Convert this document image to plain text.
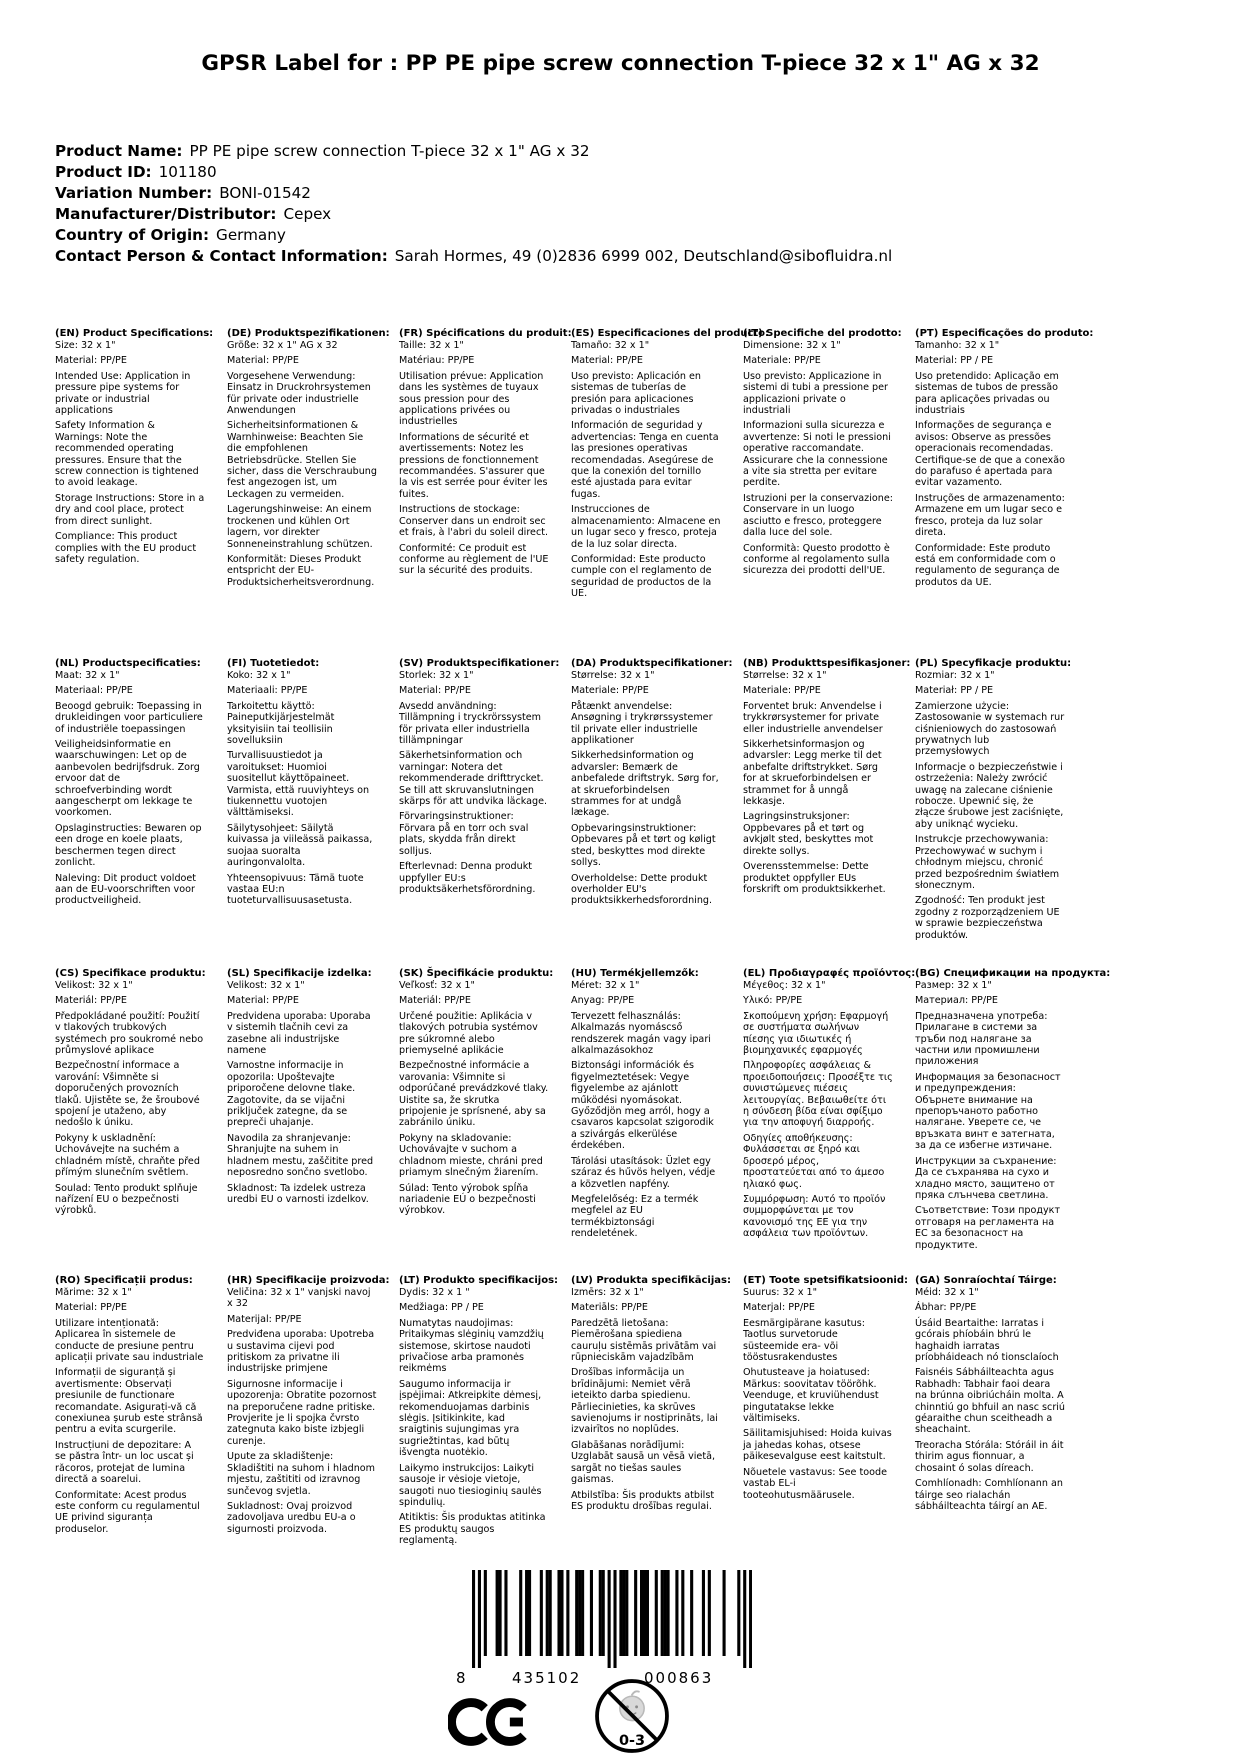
GPSR Label for : PP PE pipe screw connection T-piece 32 x 1" AG x 32
Product Name: PP PE pipe screw connection T-piece 32 x 1" AG x 32
Product ID: 101180
Variation Number: BONI-01542
Manufacturer/Distributor: Cepex
Country of Origin: Germany
Contact Person & Contact Information: Sarah Hormes, 49 (0)2836 6999 002, Deutschland@sibofluidra.nl
(EN) Product Specifications:

Size: 32 x 1"

Material: PP/PE

Intended Use: Application in pressure pipe systems for private or industrial applications

Safety Information & Warnings: Note the recommended operating pressures. Ensure that the screw connection is tightened to avoid leakage.

Storage Instructions: Store in a dry and cool place, protect from direct sunlight.

Compliance: This product complies with the EU product safety regulation.

(DE) Produktspezifikationen:

Größe: 32 x 1" AG x 32

Material: PP/PE

Vorgesehene Verwendung: Einsatz in Druckrohrsystemen für private oder industrielle Anwendungen

Sicherheitsinformationen & Warnhinweise: Beachten Sie die empfohlenen Betriebsdrücke. Stellen Sie sicher, dass die Verschraubung fest angezogen ist, um Leckagen zu vermeiden.

Lagerungshinweise: An einem trockenen und kühlen Ort lagern, vor direkter Sonneneinstrahlung schützen.

Konformität: Dieses Produkt entspricht der EU-Produktsicherheitsverordnung.

(FR) Spécifications du produit:

Taille: 32 x 1"

Matériau: PP/PE

Utilisation prévue: Application dans les systèmes de tuyaux sous pression pour des applications privées ou industrielles

Informations de sécurité et avertissements: Notez les pressions de fonctionnement recommandées. S'assurer que la vis est serrée pour éviter les fuites.

Instructions de stockage: Conserver dans un endroit sec et frais, à l'abri du soleil direct.

Conformité: Ce produit est conforme au règlement de l'UE sur la sécurité des produits.

(ES) Especificaciones del producto:

Tamaño: 32 x 1"

Material: PP/PE

Uso previsto: Aplicación en sistemas de tuberías de presión para aplicaciones privadas o industriales

Información de seguridad y advertencias: Tenga en cuenta las presiones operativas recomendadas. Asegúrese de que la conexión del tornillo esté ajustada para evitar fugas.

Instrucciones de almacenamiento: Almacene en un lugar seco y fresco, proteja de la luz solar directa.

Conformidad: Este producto cumple con el reglamento de seguridad de productos de la UE.

(IT) Specifiche del prodotto:

Dimensione: 32 x 1"

Materiale: PP/PE

Uso previsto: Applicazione in sistemi di tubi a pressione per applicazioni private o industriali

Informazioni sulla sicurezza e avvertenze: Si noti le pressioni operative raccomandate. Assicurare che la connessione a vite sia stretta per evitare perdite.

Istruzioni per la conservazione: Conservare in un luogo asciutto e fresco, proteggere dalla luce del sole.

Conformità: Questo prodotto è conforme al regolamento sulla sicurezza dei prodotti dell'UE.

(PT) Especificações do produto:

Tamanho: 32 x 1"

Material: PP / PE

Uso pretendido: Aplicação em sistemas de tubos de pressão para aplicações privadas ou industriais

Informações de segurança e avisos: Observe as pressões operacionais recomendadas. Certifique-se de que a conexão do parafuso é apertada para evitar vazamento.

Instruções de armazenamento: Armazene em um lugar seco e fresco, proteja da luz solar direta.

Conformidade: Este produto está em conformidade com o regulamento de segurança de produtos da UE.

(NL) Productspecificaties:

Maat: 32 x 1"

Materiaal: PP/PE

Beoogd gebruik: Toepassing in drukleidingen voor particuliere of industriële toepassingen

Veiligheidsinformatie en waarschuwingen: Let op de aanbevolen bedrijfsdruk. Zorg ervoor dat de schroefverbinding wordt aangescherpt om lekkage te voorkomen.

Opslaginstructies: Bewaren op een droge en koele plaats, beschermen tegen direct zonlicht.

Naleving: Dit product voldoet aan de EU-voorschriften voor productveiligheid.

(FI) Tuotetiedot:

Koko: 32 x 1"

Materiaali: PP/PE

Tarkoitettu käyttö: Paineputkijärjestelmät yksityisiin tai teollisiin sovelluksiin

Turvallisuustiedot ja varoitukset: Huomioi suositellut käyttöpaineet. Varmista, että ruuviyhteys on tiukennettu vuotojen välttämiseksi.

Säilytysohjeet: Säilytä kuivassa ja viileässä paikassa, suojaa suoralta auringonvalolta.

Yhteensopivuus: Tämä tuote vastaa EU:n tuoteturvallisuusasetusta.

(SV) Produktspecifikationer:

Storlek: 32 x 1"

Material: PP/PE

Avsedd användning: Tillämpning i tryckrörssystem för privata eller industriella tillämpningar

Säkerhetsinformation och varningar: Notera det rekommenderade drifttrycket. Se till att skruvanslutningen skärps för att undvika läckage.

Förvaringsinstruktioner: Förvara på en torr och sval plats, skydda från direkt solljus.

Efterlevnad: Denna produkt uppfyller EU:s produktsäkerhetsförordning.

(DA) Produktspecifikationer:

Størrelse: 32 x 1"

Materiale: PP/PE

Påtænkt anvendelse: Ansøgning i trykrørssystemer til private eller industrielle applikationer

Sikkerhedsinformation og advarsler: Bemærk de anbefalede driftstryk. Sørg for, at skrueforbindelsen strammes for at undgå lækage.

Opbevaringsinstruktioner: Opbevares på et tørt og køligt sted, beskyttes mod direkte sollys.

Overholdelse: Dette produkt overholder EU's produktsikkerhedsforordning.

(NB) Produkttspesifikasjoner:

Størrelse: 32 x 1"

Materiale: PP/PE

Forventet bruk: Anvendelse i trykkrørsystemer for private eller industrielle anvendelser

Sikkerhetsinformasjon og advarsler: Legg merke til det anbefalte driftstrykket. Sørg for at skrueforbindelsen er strammet for å unngå lekkasje.

Lagringsinstruksjoner: Oppbevares på et tørt og avkjølt sted, beskyttes mot direkte sollys.

Overensstemmelse: Dette produktet oppfyller EUs forskrift om produktsikkerhet.

(PL) Specyfikacje produktu:

Rozmiar: 32 x 1"

Materiał: PP / PE

Zamierzone użycie: Zastosowanie w systemach rur ciśnieniowych do zastosowań prywatnych lub przemysłowych

Informacje o bezpieczeństwie i ostrzeżenia: Należy zwrócić uwagę na zalecane ciśnienie robocze. Upewnić się, że złącze śrubowe jest zaciśnięte, aby uniknąć wycieku.

Instrukcje przechowywania: Przechowywać w suchym i chłodnym miejscu, chronić przed bezpośrednim światłem słonecznym.

Zgodność: Ten produkt jest zgodny z rozporządzeniem UE w sprawie bezpieczeństwa produktów.

(CS) Specifikace produktu:

Velikost: 32 x 1"

Materiál: PP/PE

Předpokládané použití: Použití v tlakových trubkových systémech pro soukromé nebo průmyslové aplikace

Bezpečnostní informace a varování: Všimněte si doporučených provozních tlaků. Ujistěte se, že šroubové spojení je utaženo, aby nedošlo k úniku.

Pokyny k uskladnění: Uchovávejte na suchém a chladném místě, chraňte před přímým slunečním světlem.

Soulad: Tento produkt splňuje nařízení EU o bezpečnosti výrobků.

(SL) Specifikacije izdelka:

Velikost: 32 x 1"

Material: PP/PE

Predvidena uporaba: Uporaba v sistemih tlačnih cevi za zasebne ali industrijske namene

Varnostne informacije in opozorila: Upoštevajte priporočene delovne tlake. Zagotovite, da se vijačni priključek zategne, da se prepreči uhajanje.

Navodila za shranjevanje: Shranjujte na suhem in hladnem mestu, zaščitite pred neposredno sončno svetlobo.

Skladnost: Ta izdelek ustreza uredbi EU o varnosti izdelkov.

(SK) Špecifikácie produktu:

Veľkosť: 32 x 1"

Materiál: PP/PE

Určené použitie: Aplikácia v tlakových potrubia systémov pre súkromné alebo priemyselné aplikácie

Bezpečnostné informácie a varovania: Všimnite si odporúčané prevádzkové tlaky. Uistite sa, že skrutka pripojenie je sprísnené, aby sa zabránilo úniku.

Pokyny na skladovanie: Uchovávajte v suchom a chladnom mieste, chráni pred priamym slnečným žiarením.

Súlad: Tento výrobok spĺňa nariadenie EÚ o bezpečnosti výrobkov.

(HU) Termékjellemzők:

Méret: 32 x 1"

Anyag: PP/PE

Tervezett felhasználás: Alkalmazás nyomáscső rendszerek magán vagy ipari alkalmazásokhoz

Biztonsági információk és figyelmeztetések: Vegye figyelembe az ajánlott működési nyomásokat. Győződjön meg arról, hogy a csavaros kapcsolat szigorodik a szivárgás elkerülése érdekében.

Tárolási utasítások: Üzlet egy száraz és hűvös helyen, védje a közvetlen napfény.

Megfelelőség: Ez a termék megfelel az EU termékbiztonsági rendeletének.

(EL) Προδιαγραφές προϊόντος:

Μέγεθος: 32 x 1"

Υλικό: PP/PE

Σκοπούμενη χρήση: Εφαρμογή σε συστήματα σωλήνων πίεσης για ιδιωτικές ή βιομηχανικές εφαρμογές

Πληροφορίες ασφάλειας & προειδοποιήσεις: Προσέξτε τις συνιστώμενες πιέσεις λειτουργίας. Βεβαιωθείτε ότι η σύνδεση βίδα είναι σφίξιμο για την αποφυγή διαρροής.

Οδηγίες αποθήκευσης: Φυλάσσεται σε ξηρό και δροσερό μέρος, προστατεύεται από το άμεσο ηλιακό φως.

Συμμόρφωση: Αυτό το προϊόν συμμορφώνεται με τον κανονισμό της ΕΕ για την ασφάλεια των προϊόντων.

(BG) Спецификации на продукта:

Размер: 32 x 1"

Материал: PP/PE

Предназначена употреба: Прилагане в системи за тръби под налягане за частни или промишлени приложения

Информация за безопасност и предупреждения: Обърнете внимание на препоръчаното работно налягане. Уверете се, че връзката винт е затегната, за да се избегне изтичане.

Инструкции за съхранение: Да се съхранява на сухо и хладно място, защитено от пряка слънчева светлина.

Съответствие: Този продукт отговаря на регламента на ЕС за безопасност на продуктите.

(RO) Specificații produs:

Mărime: 32 x 1"

Material: PP/PE

Utilizare intenționată: Aplicarea în sistemele de conducte de presiune pentru aplicații private sau industriale

Informații de siguranță și avertismente: Observați presiunile de functionare recomandate. Asigurați-vă că conexiunea șurub este strânsă pentru a evita scurgerile.

Instrucțiuni de depozitare: A se păstra într- un loc uscat și răcoros, protejat de lumina directă a soarelui.

Conformitate: Acest produs este conform cu regulamentul UE privind siguranța produselor.

(HR) Specifikacije proizvoda:

Veličina: 32 x 1" vanjski navoj x 32

Materijal: PP/PE

Predviđena uporaba: Upotreba u sustavima cijevi pod pritiskom za privatne ili industrijske primjene

Sigurnosne informacije i upozorenja: Obratite pozornost na preporučene radne pritiske. Provjerite je li spojka čvrsto zategnuta kako biste izbjegli curenje.

Upute za skladištenje: Skladištiti na suhom i hladnom mjestu, zaštititi od izravnog sunčevog svjetla.

Sukladnost: Ovaj proizvod zadovoljava uredbu EU-a o sigurnosti proizvoda.

(LT) Produkto specifikacijos:

Dydis: 32 x 1 "

Medžiaga: PP / PE

Numatytas naudojimas: Pritaikymas slėginių vamzdžių sistemose, skirtose naudoti privačiose arba pramonės reikmėms

Saugumo informacija ir įspėjimai: Atkreipkite dėmesį, rekomenduojamas darbinis slėgis. Įsitikinkite, kad sraigtinis sujungimas yra sugriežtintas, kad būtų išvengta nuotėkio.

Laikymo instrukcijos: Laikyti sausoje ir vėsioje vietoje, saugoti nuo tiesioginių saulės spindulių.

Atitiktis: Šis produktas atitinka ES produktų saugos reglamentą.

(LV) Produkta specifikācijas:

Izmērs: 32 x 1"

Materiāls: PP/PE

Paredzētā lietošana: Piemērošana spiediena cauruļu sistēmās privātām vai rūpnieciskām vajadzībām

Drošības informācija un brīdinājumi: Nemiet vērā ieteikto darba spiedienu. Pārliecinieties, ka skrūves savienojums ir nostiprināts, lai izvairītos no noplūdes.

Glabāšanas norādījumi: Uzglabāt sausā un vēsā vietā, sargāt no tiešas saules gaismas.

Atbilstība: Šis produkts atbilst ES produktu drošības regulai.

(ET) Toote spetsifikatsioonid:

Suurus: 32 x 1"

Materjal: PP/PE

Eesmärgipärane kasutus: Taotlus survetorude süsteemide era- või tööstusrakendustes

Ohutusteave ja hoiatused: Märkus: soovitatav töörõhk. Veenduge, et kruviühendust pingutatakse lekke vältimiseks.

Säilitamisjuhised: Hoida kuivas ja jahedas kohas, otsese päikesevalguse eest kaitstult.

Nõuetele vastavus: See toode vastab EL-i tooteohutusmäärusele.

(GA) Sonraíochtaí Táirge:

Méid: 32 x 1"

Ábhar: PP/PE

Úsáid Beartaithe: Iarratas i gcórais phíobáin bhrú le haghaidh iarratas príobháideach nó tionsclaíoch

Faisnéis Sábháilteachta agus Rabhadh: Tabhair faoi deara na brúnna oibriúcháin molta. A chinntiú go bhfuil an nasc scriú géaraithe chun sceitheadh a sheachaint.

Treoracha Stórála: Stóráil in áit thirim agus fionnuar, a chosaint ó solas díreach.

Comhlíonadh: Comhlíonann an táirge seo rialachán sábháilteachta táirgí an AE.

8	435102	000863
0-3
